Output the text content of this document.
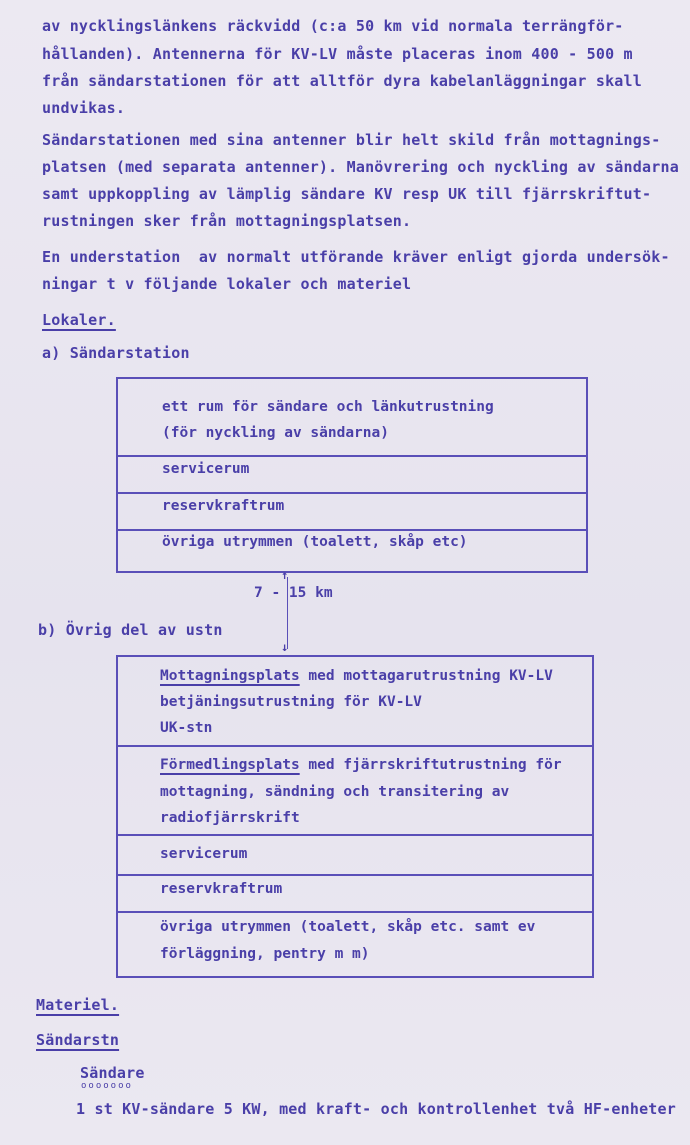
av nycklingslänkens räckvidd (c:a 50 km vid normala terrängför-
hållanden). Antennerna för KV-LV måste placeras inom 400 - 500 m
från sändarstationen för att alltför dyra kabelanläggningar skall
undvikas.
Sändarstationen med sina antenner blir helt skild från mottagnings-
platsen (med separata antenner). Manövrering och nyckling av sändarna
samt uppkoppling av lämplig sändare KV resp UK till fjärrskriftut-
rustningen sker från mottagningsplatsen.
En understation  av normalt utförande kräver enligt gjorda undersök-
ningar t v följande lokaler och materiel
Lokaler.
a) Sändarstation
ett rum för sändare och länkutrustning
(för nyckling av sändarna)
servicerum
reservkraftrum
övriga utrymmen (toalett, skåp etc)
↑
↓
7 - 15 km
b) Övrig del av ustn
Mottagningsplats med mottagarutrustning KV-LV
betjäningsutrustning för KV-LV
UK-stn
Förmedlingsplats med fjärrskriftutrustning för
mottagning, sändning och transitering av
radiofjärrskrift
servicerum
reservkraftrum
övriga utrymmen (toalett, skåp etc. samt ev
förläggning, pentry m m)
Materiel.
Sändarstn
Sändare
ooooooo
1 st KV-sändare 5 KW, med kraft- och kontrollenhet två HF-enheter
